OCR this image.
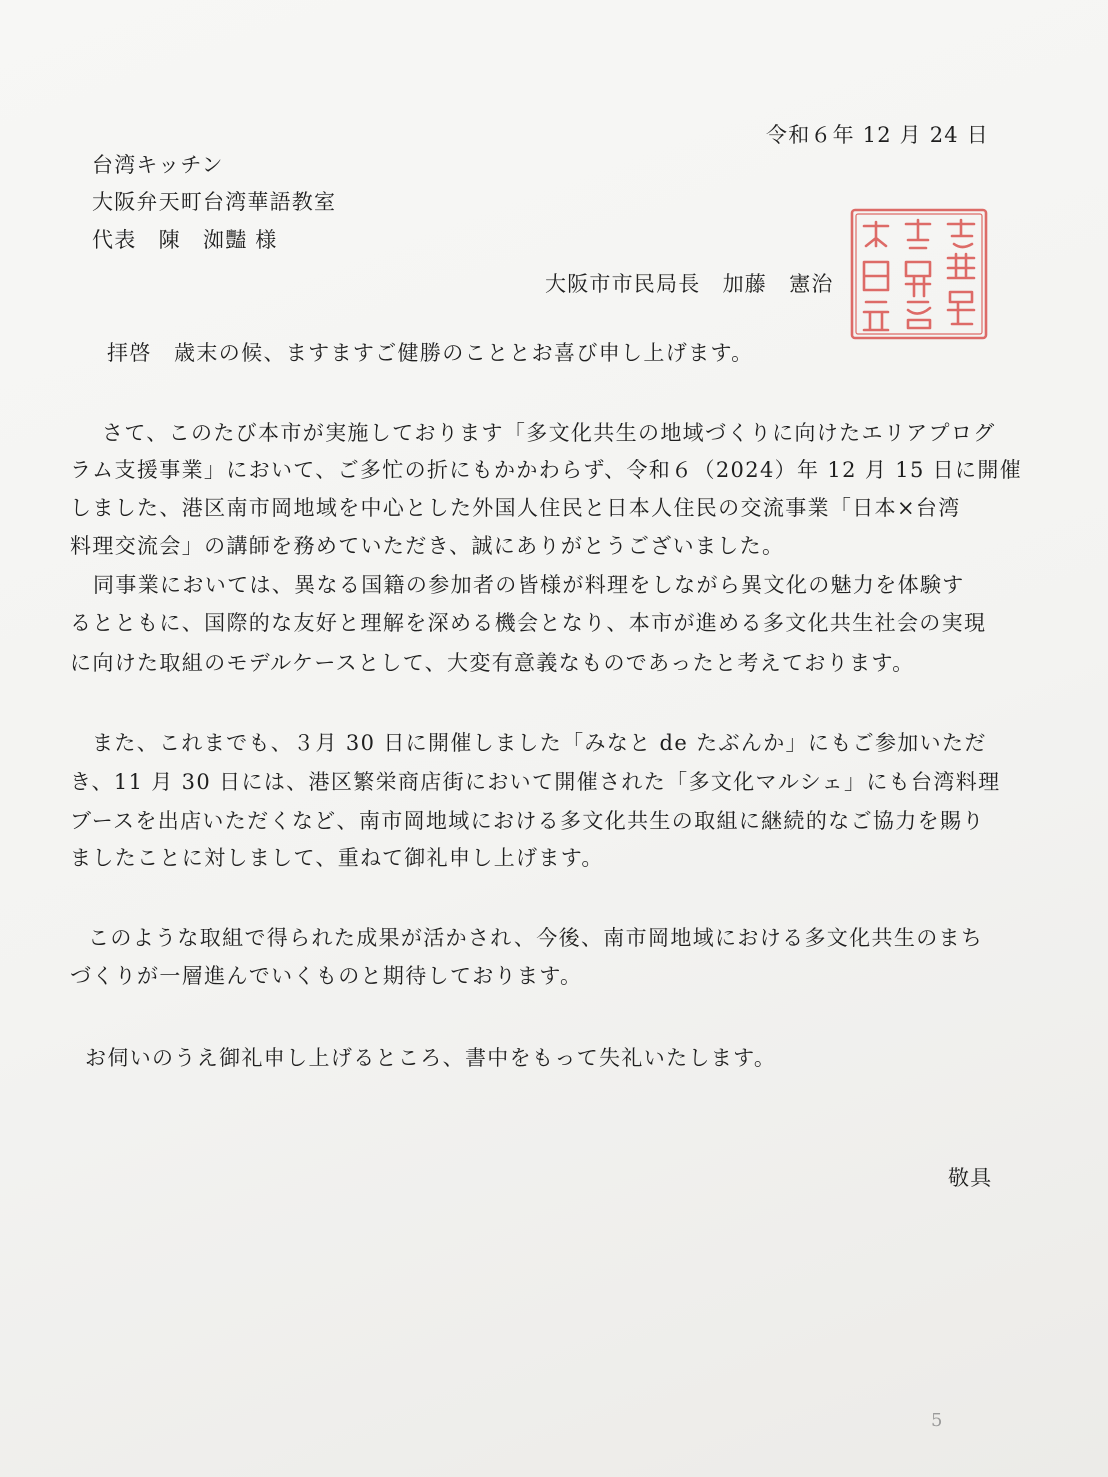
令和６年 12 月 24 日
台湾キッチン
大阪弁天町台湾華語教室
代表　陳　洳豔 様
大阪市市民局長　加藤　憲治
拝啓　歳末の候、ますますご健勝のこととお喜び申し上げます。
さて、このたび本市が実施しております「多文化共生の地域づくりに向けたエリアプログ
ラム支援事業」において、ご多忙の折にもかかわらず、令和６（2024）年 12 月 15 日に開催
しました、港区南市岡地域を中心とした外国人住民と日本人住民の交流事業「日本×台湾
料理交流会」の講師を務めていただき、誠にありがとうございました。
同事業においては、異なる国籍の参加者の皆様が料理をしながら異文化の魅力を体験す
るとともに、国際的な友好と理解を深める機会となり、本市が進める多文化共生社会の実現
に向けた取組のモデルケースとして、大変有意義なものであったと考えております。
また、これまでも、３月 30 日に開催しました「みなと de たぶんか」にもご参加いただ
き、11 月 30 日には、港区繁栄商店街において開催された「多文化マルシェ」にも台湾料理
ブースを出店いただくなど、南市岡地域における多文化共生の取組に継続的なご協力を賜り
ましたことに対しまして、重ねて御礼申し上げます。
このような取組で得られた成果が活かされ、今後、南市岡地域における多文化共生のまち
づくりが一層進んでいくものと期待しております。
お伺いのうえ御礼申し上げるところ、書中をもって失礼いたします。
敬具
5
